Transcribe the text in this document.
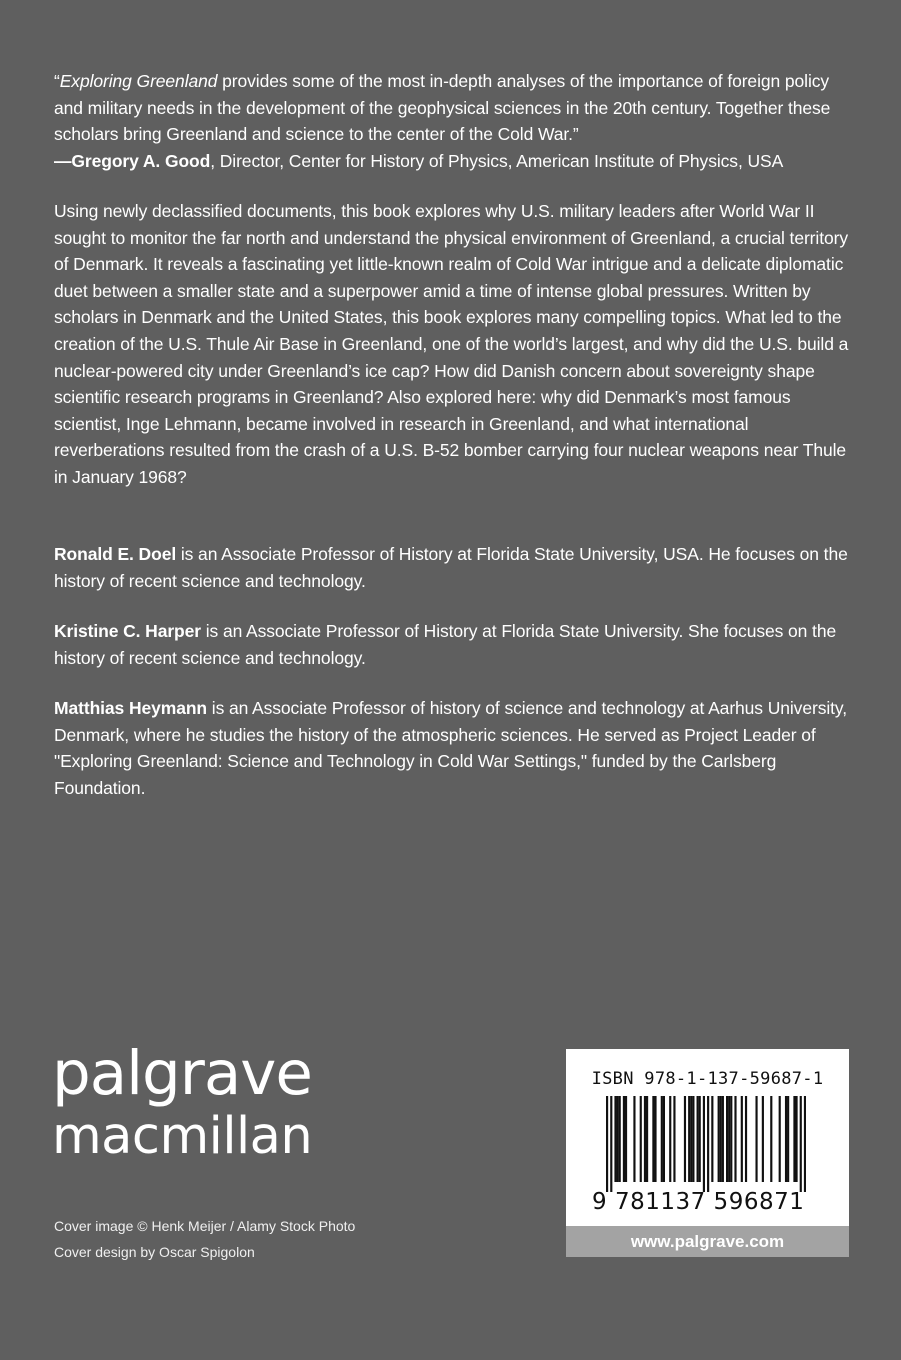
“Exploring Greenland provides some of the most in-depth analyses of the importance of foreign policy and military needs in the development of the geophysical sciences in the 20th century. Together these scholars bring Greenland and science to the center of the Cold War.”
—Gregory A. Good, Director, Center for History of Physics, American Institute of Physics, USA
Using newly declassified documents, this book explores why U.S. military leaders after World War II sought to monitor the far north and understand the physical environment of Greenland, a crucial territory of Denmark. It reveals a fascinating yet little-known realm of Cold War intrigue and a delicate diplomatic duet between a smaller state and a superpower amid a time of intense global pressures. Written by scholars in Denmark and the United States, this book explores many compelling topics. What led to the creation of the U.S. Thule Air Base in Greenland, one of the world’s largest, and why did the U.S. build a nuclear-powered city under Greenland’s ice cap? How did Danish concern about sovereignty shape scientific research programs in Greenland? Also explored here: why did Denmark’s most famous scientist, Inge Lehmann, became involved in research in Greenland, and what international reverberations resulted from the crash of a U.S. B-52 bomber carrying four nuclear weapons near Thule in January 1968?
Ronald E. Doel is an Associate Professor of History at Florida State University, USA. He focuses on the history of recent science and technology.
Kristine C. Harper is an Associate Professor of History at Florida State University. She focuses on the history of recent science and technology.
Matthias Heymann is an Associate Professor of history of science and technology at Aarhus University, Denmark, where he studies the history of the atmospheric sciences. He served as Project Leader of "Exploring Greenland: Science and Technology in Cold War Settings," funded by the Carlsberg Foundation.
palgrave
macmillan
Cover image © Henk Meijer / Alamy Stock Photo
Cover design by Oscar Spigolon
ISBN 978-1-137-59687-1
9 781137 596871
www.palgrave.com
